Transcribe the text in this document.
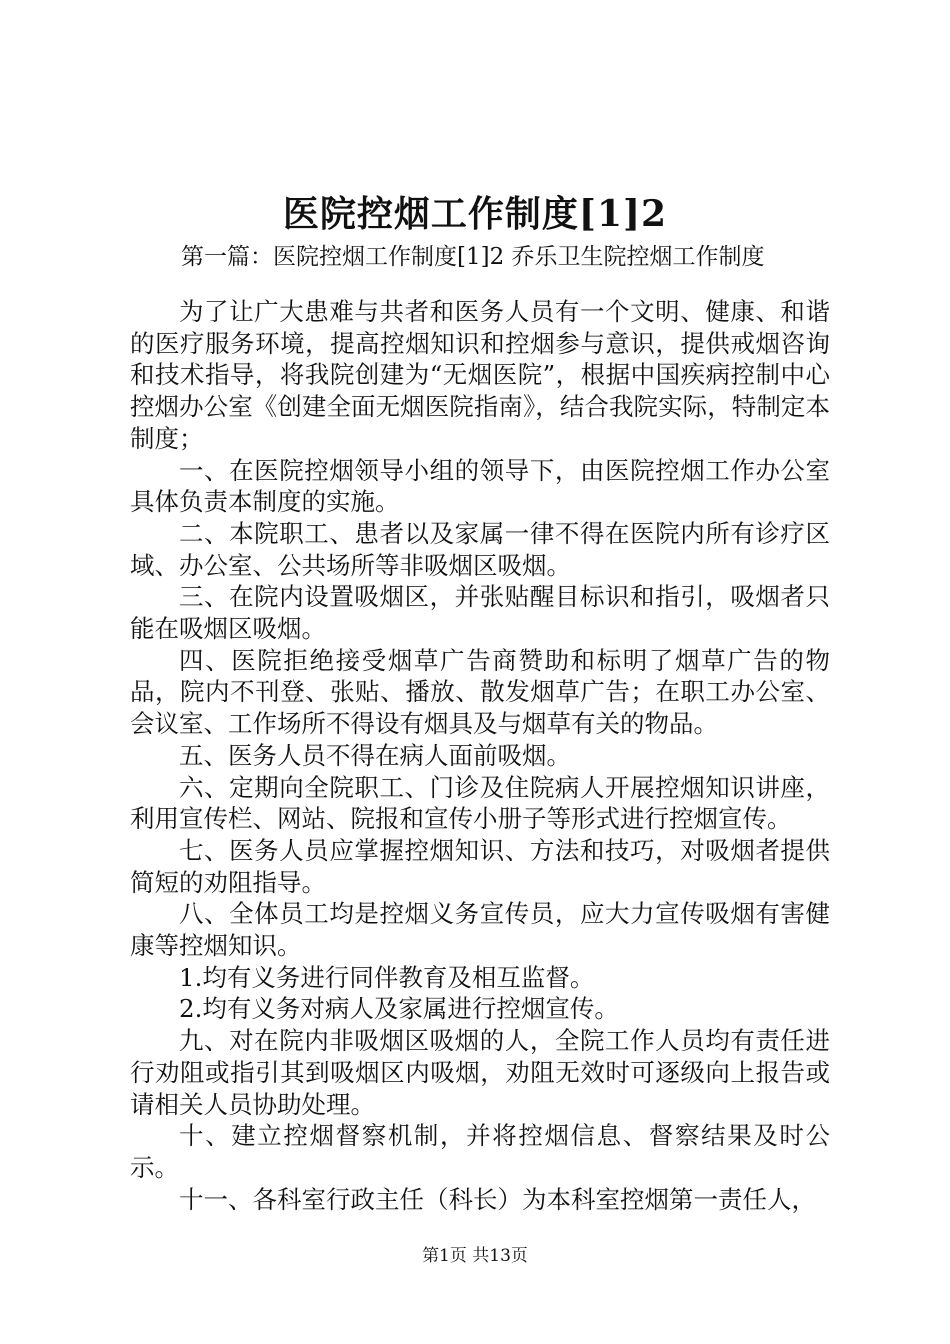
医院控烟工作制度[1]2
第一篇：医院控烟工作制度[1]2 乔乐卫生院控烟工作制度

为了让广大患难与共者和医务人员有一个文明、健康、和谐的医疗服务环境，提高控烟知识和控烟参与意识，提供戒烟咨询和技术指导，将我院创建为“无烟医院”，根据中国疾病控制中心控烟办公室《创建全面无烟医院指南》，结合我院实际，特制定本制度；

一、在医院控烟领导小组的领导下，由医院控烟工作办公室具体负责本制度的实施。

二、本院职工、患者以及家属一律不得在医院内所有诊疗区域、办公室、公共场所等非吸烟区吸烟。

三、在院内设置吸烟区，并张贴醒目标识和指引，吸烟者只能在吸烟区吸烟。

四、医院拒绝接受烟草广告商赞助和标明了烟草广告的物品，院内不刊登、张贴、播放、散发烟草广告；在职工办公室、会议室、工作场所不得设有烟具及与烟草有关的物品。

五、医务人员不得在病人面前吸烟。

六、定期向全院职工、门诊及住院病人开展控烟知识讲座，利用宣传栏、网站、院报和宣传小册子等形式进行控烟宣传。

七、医务人员应掌握控烟知识、方法和技巧，对吸烟者提供简短的劝阻指导。

八、全体员工均是控烟义务宣传员，应大力宣传吸烟有害健康等控烟知识。

1.均有义务进行同伴教育及相互监督。

2.均有义务对病人及家属进行控烟宣传。

九、对在院内非吸烟区吸烟的人，全院工作人员均有责任进行劝阻或指引其到吸烟区内吸烟，劝阻无效时可逐级向上报告或请相关人员协助处理。

十、建立控烟督察机制，并将控烟信息、督察结果及时公示。

十一、各科室行政主任（科长）为本科室控烟第一责任人，

第1页 共13页
